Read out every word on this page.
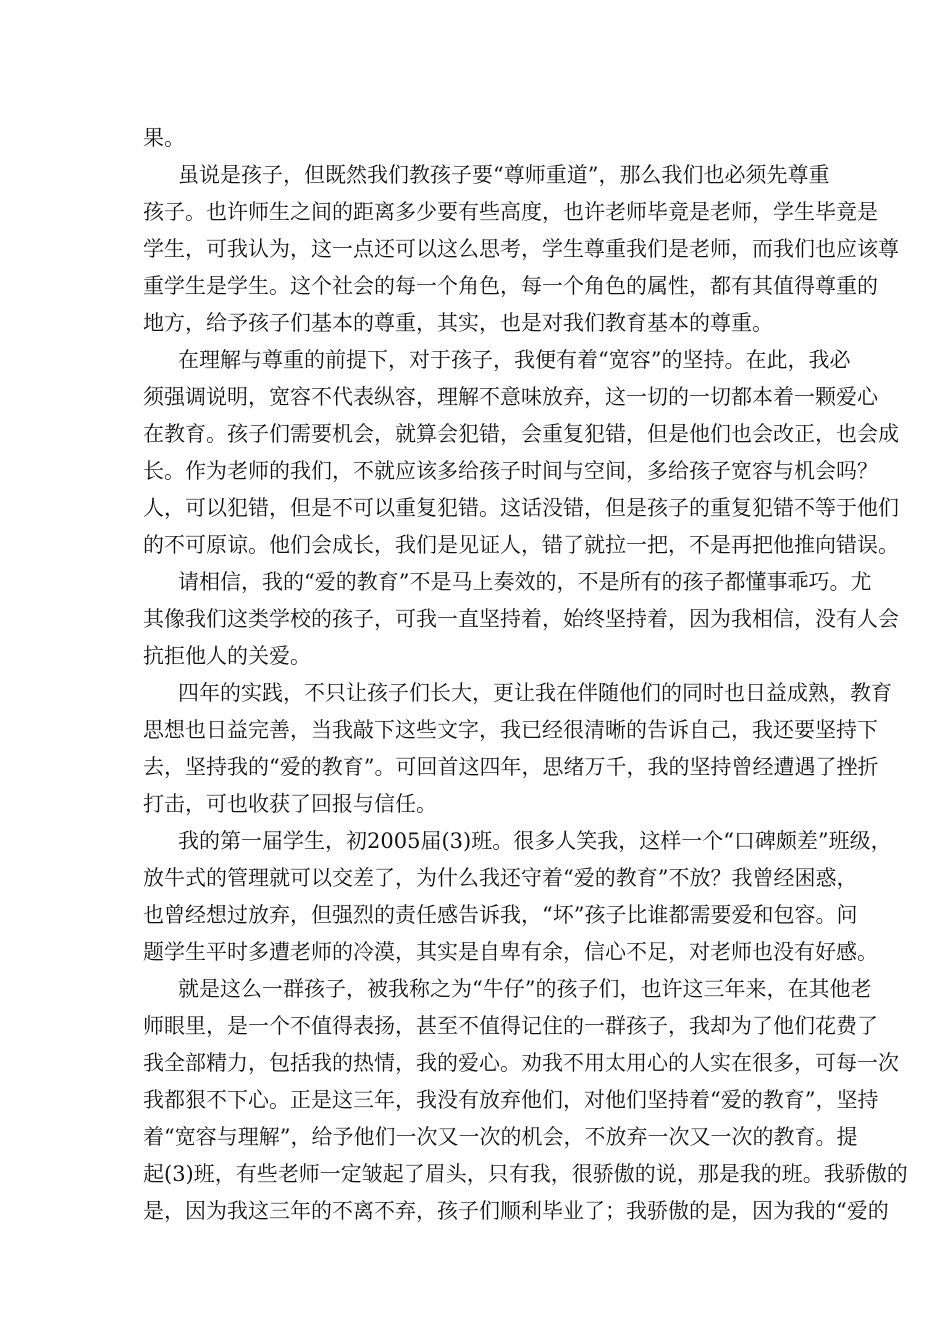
果。
虽说是孩子，但既然我们教孩子要“尊师重道”，那么我们也必须先尊重
孩子。也许师生之间的距离多少要有些高度，也许老师毕竟是老师，学生毕竟是
学生，可我认为，这一点还可以这么思考，学生尊重我们是老师，而我们也应该尊
重学生是学生。这个社会的每一个角色，每一个角色的属性，都有其值得尊重的
地方，给予孩子们基本的尊重，其实，也是对我们教育基本的尊重。
在理解与尊重的前提下，对于孩子，我便有着“宽容”的坚持。在此，我必
须强调说明，宽容不代表纵容，理解不意味放弃，这一切的一切都本着一颗爱心
在教育。孩子们需要机会，就算会犯错，会重复犯错，但是他们也会改正，也会成
长。作为老师的我们，不就应该多给孩子时间与空间，多给孩子宽容与机会吗？
人，可以犯错，但是不可以重复犯错。这话没错，但是孩子的重复犯错不等于他们
的不可原谅。他们会成长，我们是见证人，错了就拉一把，不是再把他推向错误。
请相信，我的“爱的教育”不是马上奏效的，不是所有的孩子都懂事乖巧。尤
其像我们这类学校的孩子，可我一直坚持着，始终坚持着，因为我相信，没有人会
抗拒他人的关爱。
四年的实践，不只让孩子们长大，更让我在伴随他们的同时也日益成熟，教育
思想也日益完善，当我敲下这些文字，我已经很清晰的告诉自己，我还要坚持下
去，坚持我的“爱的教育”。可回首这四年，思绪万千，我的坚持曾经遭遇了挫折
打击，可也收获了回报与信任。
我的第一届学生，初2005届(3)班。很多人笑我，这样一个“口碑颇差”班级，
放牛式的管理就可以交差了，为什么我还守着“爱的教育”不放？我曾经困惑，
也曾经想过放弃，但强烈的责任感告诉我，“坏”孩子比谁都需要爱和包容。问
题学生平时多遭老师的冷漠，其实是自卑有余，信心不足，对老师也没有好感。
就是这么一群孩子，被我称之为“牛仔”的孩子们，也许这三年来，在其他老
师眼里，是一个不值得表扬，甚至不值得记住的一群孩子，我却为了他们花费了
我全部精力，包括我的热情，我的爱心。劝我不用太用心的人实在很多，可每一次
我都狠不下心。正是这三年，我没有放弃他们，对他们坚持着“爱的教育”，坚持
着“宽容与理解”，给予他们一次又一次的机会，不放弃一次又一次的教育。提
起(3)班，有些老师一定皱起了眉头，只有我，很骄傲的说，那是我的班。我骄傲的
是，因为我这三年的不离不弃，孩子们顺利毕业了；我骄傲的是，因为我的“爱的
